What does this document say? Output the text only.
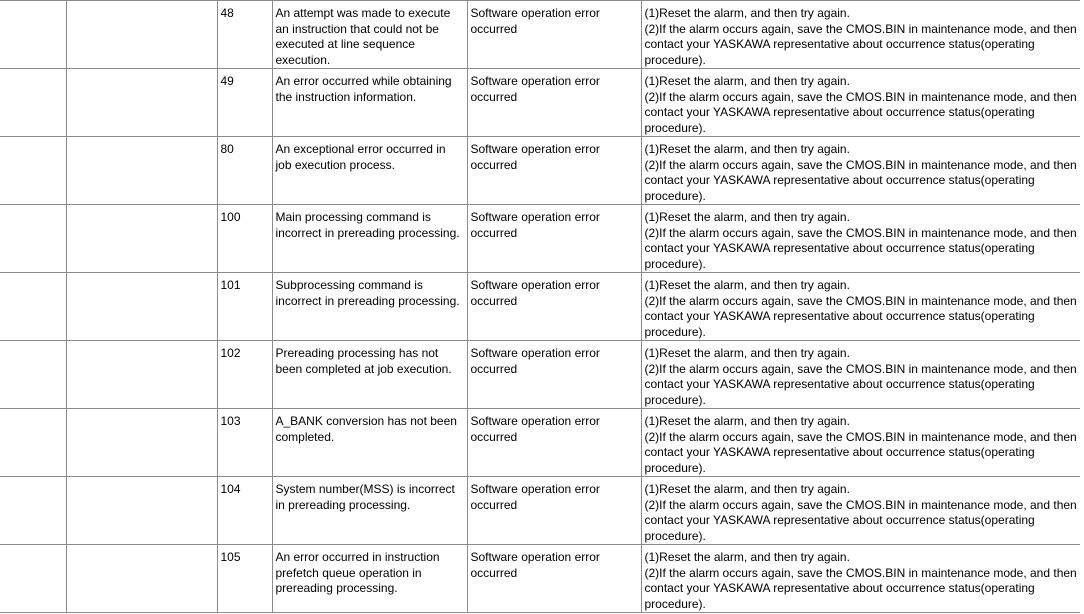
		48	An attempt was made to execute an instruction that could not be executed at line sequence execution.	Software operation error occurred	(1)Reset the alarm, and then try again.
(2)If the alarm occurs again, save the CMOS.BIN in maintenance mode, and then contact your YASKAWA representative about occurrence status(operating procedure).

		49	An error occurred while obtaining the instruction information.	Software operation error occurred	(1)Reset the alarm, and then try again.
(2)If the alarm occurs again, save the CMOS.BIN in maintenance mode, and then contact your YASKAWA representative about occurrence status(operating procedure).

		80	An exceptional error occurred in job execution process.	Software operation error occurred	(1)Reset the alarm, and then try again.
(2)If the alarm occurs again, save the CMOS.BIN in maintenance mode, and then contact your YASKAWA representative about occurrence status(operating procedure).

		100	Main processing command is incorrect in prereading processing.	Software operation error occurred	(1)Reset the alarm, and then try again.
(2)If the alarm occurs again, save the CMOS.BIN in maintenance mode, and then contact your YASKAWA representative about occurrence status(operating procedure).

		101	Subprocessing command is incorrect in prereading processing.	Software operation error occurred	(1)Reset the alarm, and then try again.
(2)If the alarm occurs again, save the CMOS.BIN in maintenance mode, and then contact your YASKAWA representative about occurrence status(operating procedure).

		102	Prereading processing has not been completed at job execution.	Software operation error occurred	(1)Reset the alarm, and then try again.
(2)If the alarm occurs again, save the CMOS.BIN in maintenance mode, and then contact your YASKAWA representative about occurrence status(operating procedure).

		103	A_BANK conversion has not been completed.	Software operation error occurred	(1)Reset the alarm, and then try again.
(2)If the alarm occurs again, save the CMOS.BIN in maintenance mode, and then contact your YASKAWA representative about occurrence status(operating procedure).

		104	System number(MSS) is incorrect in prereading processing.	Software operation error occurred	(1)Reset the alarm, and then try again.
(2)If the alarm occurs again, save the CMOS.BIN in maintenance mode, and then contact your YASKAWA representative about occurrence status(operating procedure).

		105	An error occurred in instruction prefetch queue operation in prereading processing.	Software operation error occurred	(1)Reset the alarm, and then try again.
(2)If the alarm occurs again, save the CMOS.BIN in maintenance mode, and then contact your YASKAWA representative about occurrence status(operating procedure).
